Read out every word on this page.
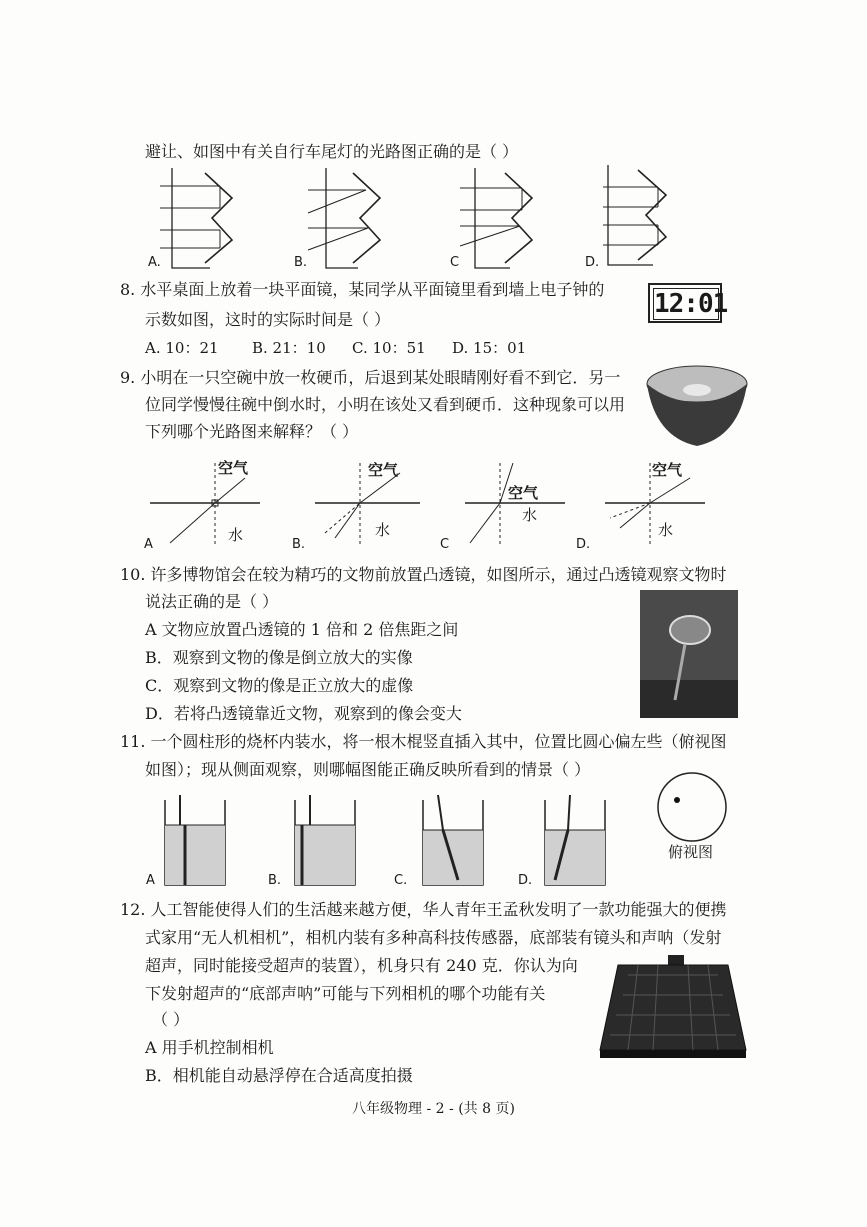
避让、如图中有关自行车尾灯的光路图正确的是（ ）
A.	B.	C	D.
8. 水平桌面上放着一块平面镜，某同学从平面镜里看到墙上电子钟的
示数如图，这时的实际时间是（ ）
12:01
A. 10：21 B. 21：10 C. 10：51 D. 15：01
9. 小明在一只空碗中放一枚硬币，后退到某处眼睛刚好看不到它．另一
位同学慢慢往碗中倒水时，小明在该处又看到硬币．这种现象可以用
下列哪个光路图来解释？（ ）
空气
水
A
空气
水
B.
空气
水
C
空气
水
D.
10. 许多博物馆会在较为精巧的文物前放置凸透镜，如图所示，通过凸透镜观察文物时
说法正确的是（ ）
A 文物应放置凸透镜的 1 倍和 2 倍焦距之间
B．观察到文物的像是倒立放大的实像
C．观察到文物的像是正立放大的虚像
D．若将凸透镜靠近文物，观察到的像会变大
11. 一个圆柱形的烧杯内装水，将一根木棍竖直插入其中，位置比圆心偏左些（俯视图
如图）；现从侧面观察，则哪幅图能正确反映所看到的情景（ ）
A	B.	C.	D.
俯视图
12. 人工智能使得人们的生活越来越方便，华人青年王孟秋发明了一款功能强大的便携
式家用“无人机相机”，相机内装有多种高科技传感器，底部装有镜头和声呐（发射
超声，同时能接受超声的装置），机身只有 240 克．你认为向
下发射超声的“底部声呐”可能与下列相机的哪个功能有关
（ ）
A 用手机控制相机
B．相机能自动悬浮停在合适高度拍摄
八年级物理 - 2 - (共 8 页)
